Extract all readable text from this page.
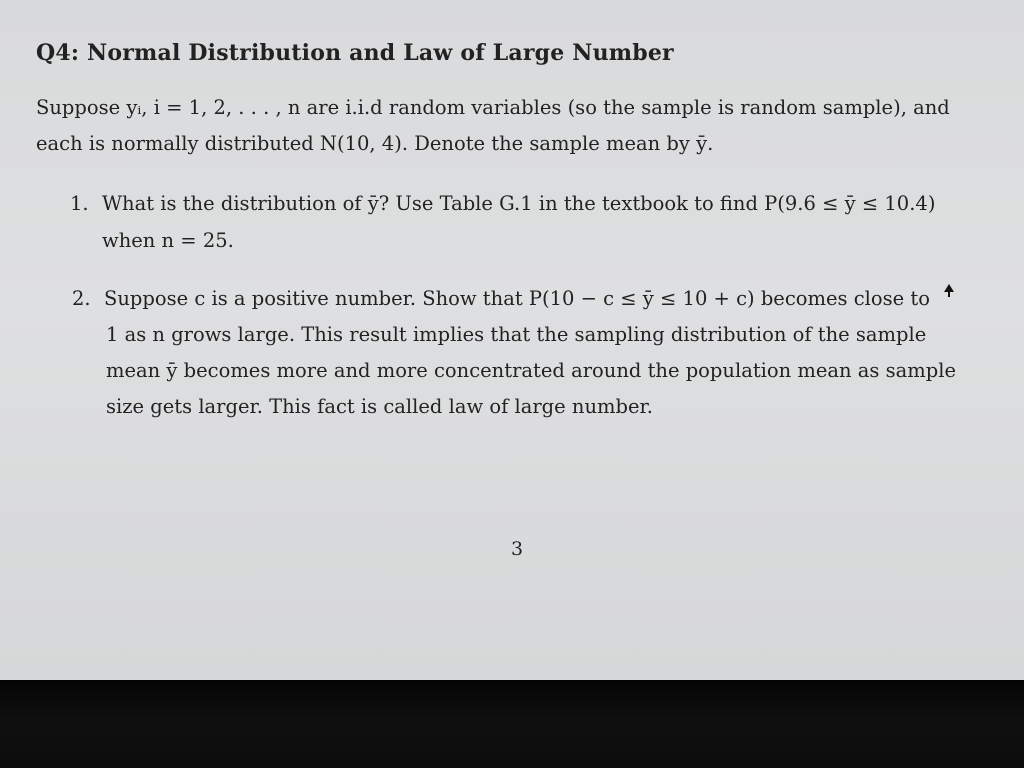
Q4: Normal Distribution and Law of Large Number
Suppose yᵢ, i = 1, 2, . . . , n are i.i.d random variables (so the sample is random sample), and
each is normally distributed N(10, 4). Denote the sample mean by ȳ.
1. What is the distribution of ȳ? Use Table G.1 in the textbook to find P(9.6 ≤ ȳ ≤ 10.4)
when n = 25.
2. Suppose c is a positive number. Show that P(10 − c ≤ ȳ ≤ 10 + c) becomes close to
1 as n grows large. This result implies that the sampling distribution of the sample
mean ȳ becomes more and more concentrated around the population mean as sample
size gets larger. This fact is called law of large number.
3
